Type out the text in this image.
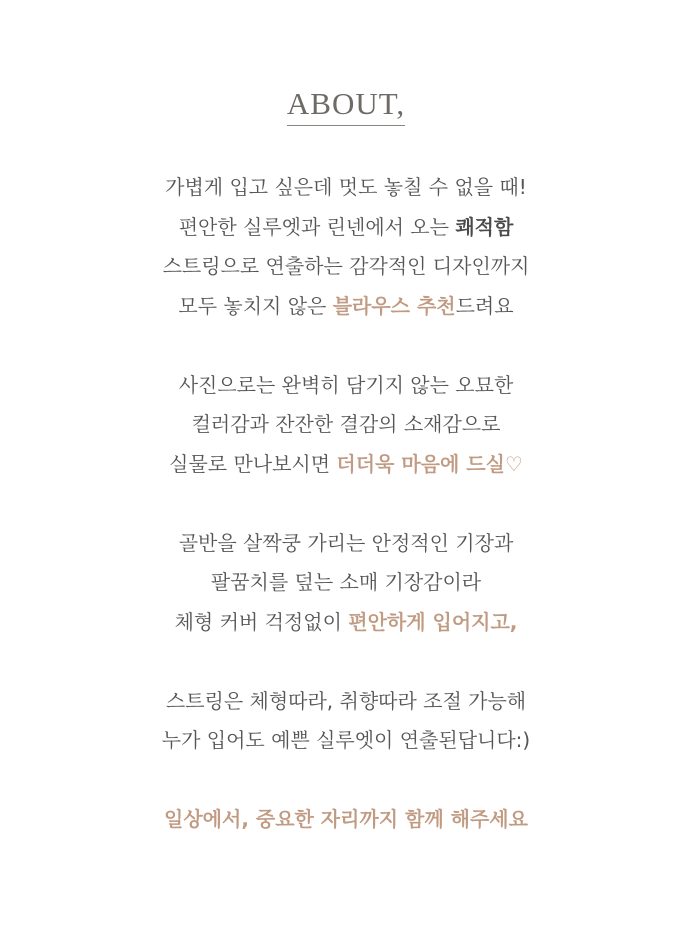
ABOUT,
가볍게 입고 싶은데 멋도 놓칠 수 없을 때!
편안한 실루엣과 린넨에서 오는 쾌적함
스트링으로 연출하는 감각적인 디자인까지
모두 놓치지 않은 블라우스 추천드려요
사진으로는 완벽히 담기지 않는 오묘한
컬러감과 잔잔한 결감의 소재감으로
실물로 만나보시면 더더욱 마음에 드실♡
골반을 살짝쿵 가리는 안정적인 기장과
팔꿈치를 덮는 소매 기장감이라
체형 커버 걱정없이 편안하게 입어지고,
스트링은 체형따라, 취향따라 조절 가능해
누가 입어도 예쁜 실루엣이 연출된답니다:)
일상에서, 중요한 자리까지 함께 해주세요
